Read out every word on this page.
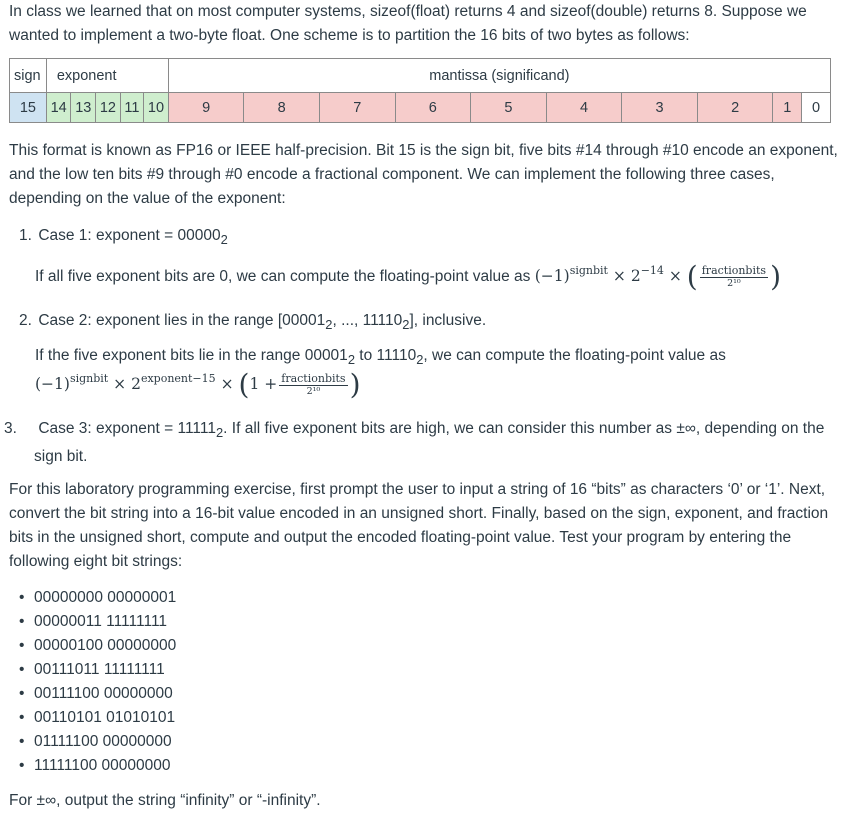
In class we learned that on most computer systems, sizeof(float) returns 4 and sizeof(double) returns 8. Suppose we wanted to implement a two-byte float. One scheme is to partition the 16 bits of two bytes as follows:

sign	exponent					mantissa (significand)									
15	14	13	12	11	10	9	8	7	6	5	4	3	2	1	0

This format is known as FP16 or IEEE half-precision. Bit 15 is the sign bit, five bits #14 through #10 encode an exponent, and the low ten bits #9 through #0 encode a fractional component. We can implement the following three cases, depending on the value of the exponent:

1. Case 1: exponent = $00000_2$

If all five exponent bits are 0, we can compute the floating-point value as $(-1)^{signbit} \times 2^{-14}$ × ( $\frac{\text{fractionbits}}{\text{2¹⁰}}$ )

2. Case 2: exponent lies in the range [$00001_2$, ..., $11110_2$], inclusive.

If the five exponent bits lie in the range $00001_2$ to $11110_2$, we can compute the floating-point value as

$(-1)^{signbit} \times 2^{exponent-15} \times (1 + \frac{\text{fractionbits}}{\text{2¹⁰}}$ )

3. Case 3: exponent = $11111_2$. If all five exponent bits are high, we can consider this number as ±∞, depending on the sign bit.

For this laboratory programming exercise, first prompt the user to input a string of 16 “bits” as characters ‘0’ or ‘1’. Next, convert the bit string into a 16-bit value encoded in an unsigned short. Finally, based on the sign, exponent, and fraction bits in the unsigned short, compute and output the encoded floating-point value. Test your program by entering the following eight bit strings:

• 00000000 00000001
• 00000011 11111111
• 00000100 00000000
• 00111011 11111111
• 00111100 00000000
• 00110101 01010101
• 01111100 00000000
• 11111100 00000000

For ±∞, output the string “infinity” or “-infinity”.
